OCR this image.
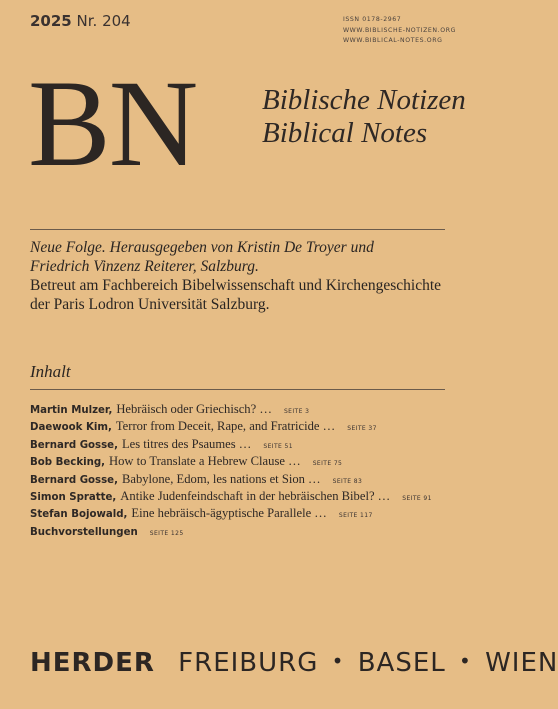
2025 Nr. 204	ISSN 0178-2967
WWW.BIBLISCHE-NOTIZEN.ORG
WWW.BIBLICAL-NOTES.ORG
BN Biblische Notizen
Biblical Notes
Neue Folge. Herausgegeben von Kristin De Troyer und
Friedrich Vinzenz Reiterer, Salzburg.
Betreut am Fachbereich Bibelwissenschaft und Kirchengeschichte
der Paris Lodron Universität Salzburg.
Inhalt
Martin Mulzer, Hebräisch oder Griechisch? … SEITE 3
Daewook Kim, Terror from Deceit, Rape, and Fratricide … SEITE 37
Bernard Gosse, Les titres des Psaumes … SEITE 51
Bob Becking, How to Translate a Hebrew Clause … SEITE 75
Bernard Gosse, Babylone, Edom, les nations et Sion … SEITE 83
Simon Spratte, Antike Judenfeindschaft in der hebräischen Bibel? … SEITE 91
Stefan Bojowald, Eine hebräisch-ägyptische Parallele … SEITE 117
Buchvorstellungen SEITE 125
HERDER FREIBURG • BASEL • WIEN
